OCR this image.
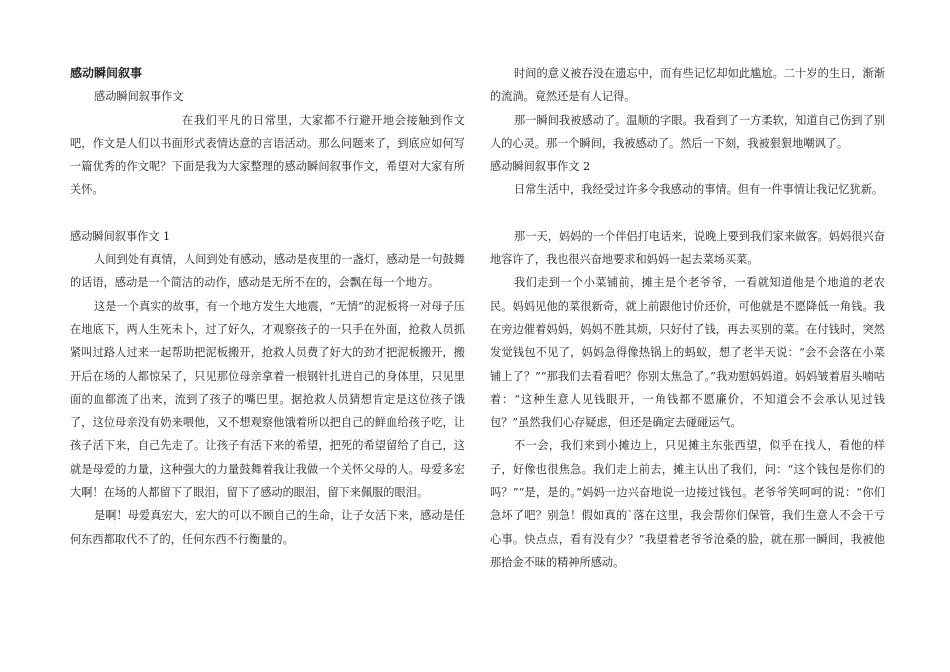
感动瞬间叙事

感动瞬间叙事作文

在我们平凡的日常里，大家都不行避开地会接触到作文吧，作文是人们以书面形式表情达意的言语活动。那么问题来了，到底应如何写一篇优秀的作文呢？下面是我为大家整理的感动瞬间叙事作文，希望对大家有所关怀。

感动瞬间叙事作文 1

人间到处有真情，人间到处有感动，感动是夜里的一盏灯，感动是一句鼓舞的话语，感动是一个简洁的动作，感动是无所不在的，会飘在每一个地方。

这是一个真实的故事，有一个地方发生大地震，“无情”的泥板将一对母子压在地底下，两人生死未卜，过了好久，才观察孩子的一只手在外面，抢救人员抓紧叫过路人过来一起帮助把泥板搬开，抢救人员费了好大的劲才把泥板搬开，搬开后在场的人都惊呆了，只见那位母亲拿着一根钢针扎进自己的身体里，只见里面的血都流了出来，流到了孩子的嘴巴里。据抢救人员猜想肯定是这位孩子饿了，这位母亲没有奶来喂他，又不想观察他饿着所以把自己的鲜血给孩子吃，让孩子活下来，自己先走了。让孩子有活下来的希望，把死的希望留给了自己，这就是母爱的力量，这种强大的力量鼓舞着我让我做一个关怀父母的人。母爱多宏大啊！在场的人都留下了眼泪，留下了感动的眼泪，留下来佩服的眼泪。

是啊！母爱真宏大，宏大的可以不顾自己的生命，让子女活下来，感动是任何东西都取代不了的，任何东西不行衡量的。

时间的意义被吞没在遗忘中，而有些记忆却如此尴尬。二十岁的生日，渐渐的流淌。竟然还是有人记得。

那一瞬间我被感动了。温顺的字眼。我看到了一方柔软，知道自己伤到了别人的心灵。那一个瞬间，我被感动了。然后一下刻，我被狠狠地嘲讽了。

感动瞬间叙事作文 2

日常生活中，我经受过许多令我感动的事情。但有一件事情让我记忆犹新。

那一天，妈妈的一个伴侣打电话来，说晚上要到我们家来做客。妈妈很兴奋地容许了，我也很兴奋地要求和妈妈一起去菜场买菜。

我们走到一个小菜铺前，摊主是个老爷爷，一看就知道他是个地道的老农民。妈妈见他的菜很新奇，就上前跟他讨价还价，可他就是不愿降低一角钱。我在旁边催着妈妈，妈妈不胜其烦，只好付了钱，再去买别的菜。在付钱时，突然发觉钱包不见了，妈妈急得像热锅上的蚂蚁，想了老半天说：“会不会落在小菜铺上了？”“那我们去看看吧？你别太焦急了。”我劝慰妈妈道。妈妈皱着眉头喃咕着：“这种生意人见钱眼开，一角钱都不愿廉价，不知道会不会承认见过钱包？”虽然我们心存疑虑，但还是确定去碰碰运气。

不一会，我们来到小摊边上，只见摊主东张西望，似乎在找人，看他的样子，好像也很焦急。我们走上前去，摊主认出了我们，问：“这个钱包是你们的吗？”“是，是的。”妈妈一边兴奋地说一边接过钱包。老爷爷笑呵呵的说：“你们急坏了吧？别急！假如真的`落在这里，我会帮你们保管，我们生意人不会干亏心事。快点点，看有没有少？”我望着老爷爷沧桑的脸，就在那一瞬间，我被他那拾金不昧的精神所感动。
